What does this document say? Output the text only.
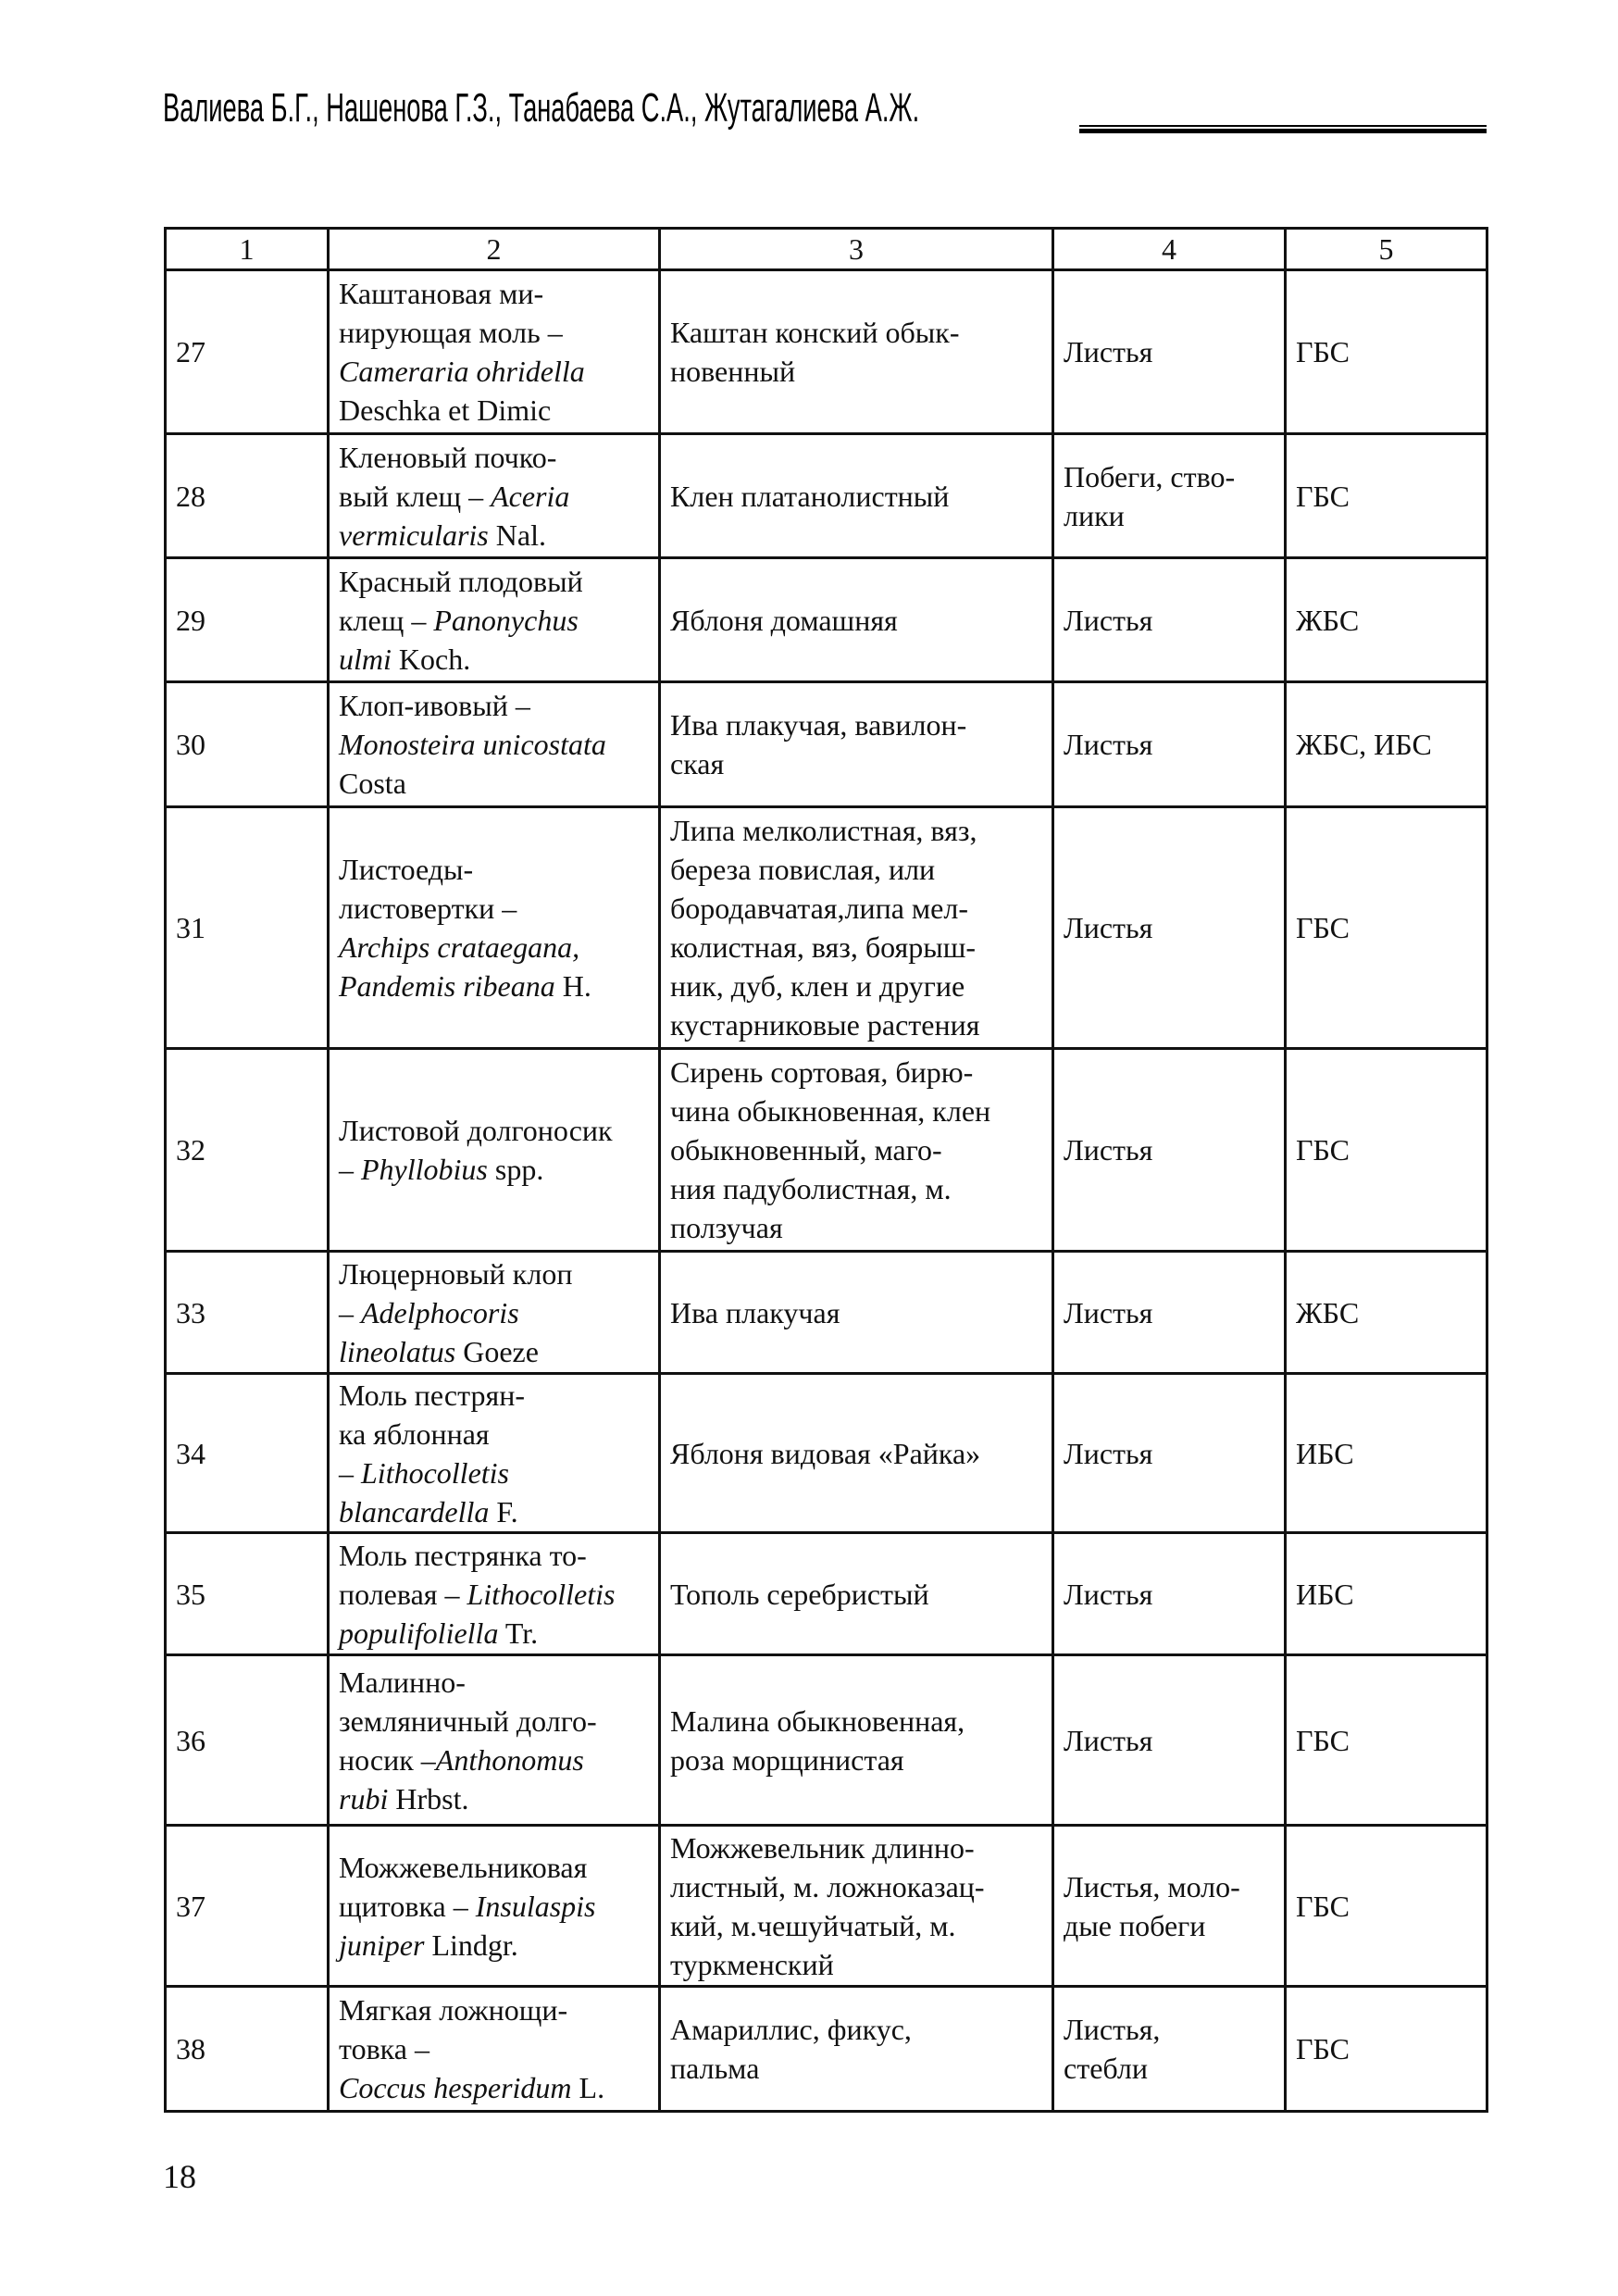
Валиева Б.Г., Нашенова Г.З., Танабаева С.А., Жутагалиева А.Ж.
1	2	3	4	5
27	Каштановая ми-
нирующая моль –
Cameraria ohridella
Deschka et Dimic	Каштан конский обык-
новенный	Листья	ГБС
28	Кленовый почко-
вый клещ – Aceria
vermicularis Nal.	Клен платанолистный	Побеги, ство-
лики	ГБС
29	Красный плодовый
клещ – Panonychus
ulmi Koch.	Яблоня домашняя	Листья	ЖБС
30	Клоп-ивовый –
Monosteira unicostata
Costa	Ива плакучая, вавилон-
ская	Листья	ЖБС, ИБС
31	Листоеды-
листовертки –
Archips crataegana,
Pandemis ribeana H.	Липа мелколистная, вяз,
береза повислая, или
бородавчатая,липа мел-
колистная, вяз, боярыш-
ник, дуб, клен и другие
кустарниковые растения	Листья	ГБС
32	Листовой долгоносик
– Phyllobius spp.	Сирень сортовая, бирю-
чина обыкновенная, клен
обыкновенный, маго-
ния падуболистная, м.
ползучая	Листья	ГБС
33	Люцерновый клоп
– Adelphocoris
lineolatus Goeze	Ива плакучая	Листья	ЖБС
34	Моль пестрян-
ка яблонная
– Lithocolletis
blancardella F.	Яблоня видовая «Райка»	Листья	ИБС
35	Моль пестрянка то-
полевая – Lithocolletis
populifoliella Tr.	Тополь серебристый	Листья	ИБС
36	Малинно-
земляничный долго-
носик –Anthonomus
rubi Hrbst.	Малина обыкновенная,
роза морщинистая	Листья	ГБС
37	Можжевельниковая
щитовка – Insulaspis
juniper Lindgr.	Можжевельник длинно-
листный, м. ложноказац-
кий, м.чешуйчатый, м.
туркменский	Листья, моло-
дые побеги	ГБС
38	Мягкая ложнощи-
товка –
Coccus hesperidum L.	Амариллис, фикус,
пальма	Листья,
стебли	ГБС
18
